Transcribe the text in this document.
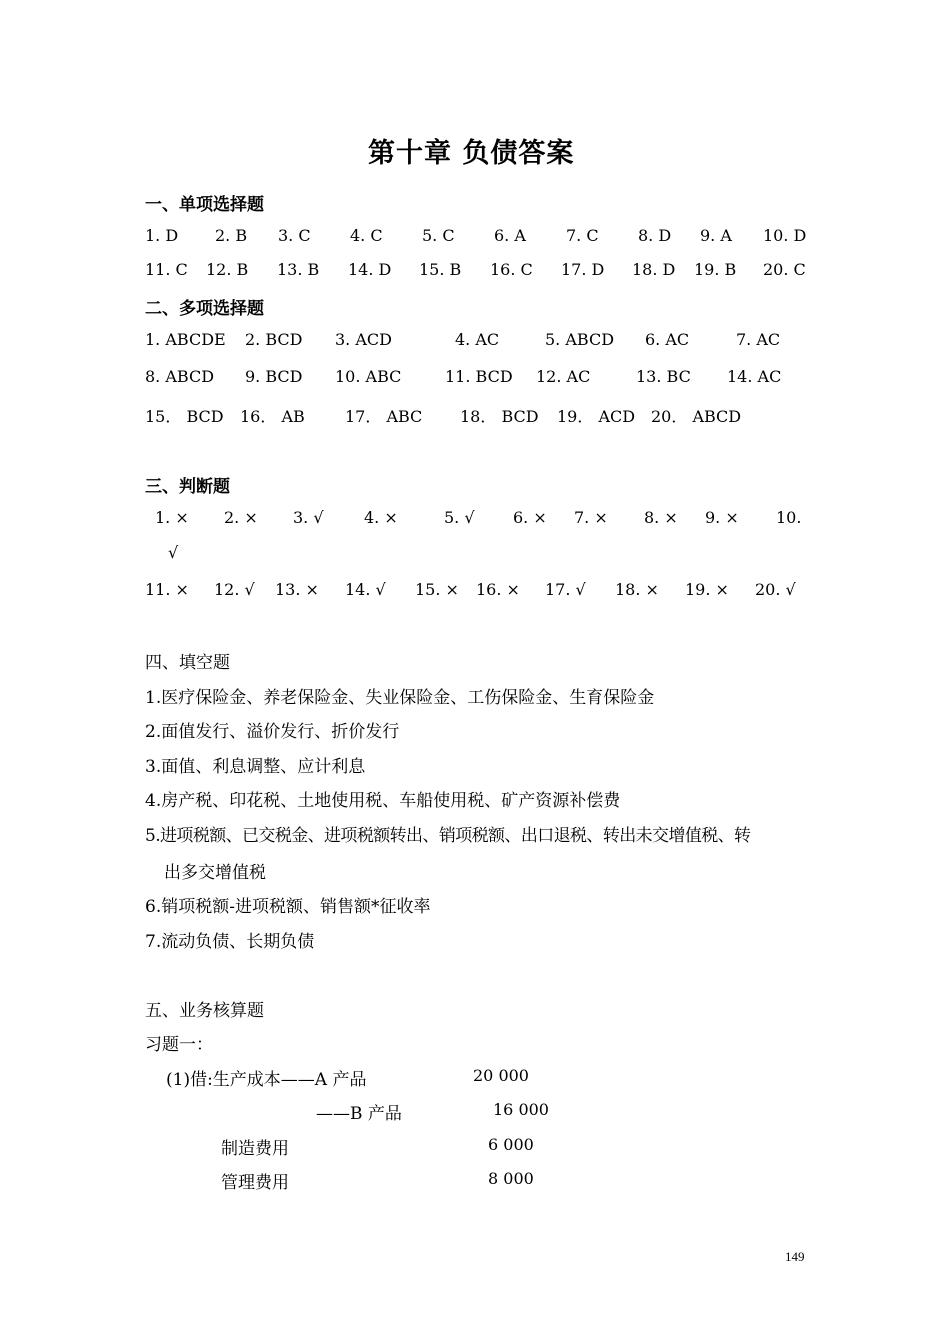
第十章 负债答案
一、单项选择题
1. D 2. B 3. C 4. C 5. C 6. A	7. C 8. D 9. A 10. D
11. C 12. B 13. B 14. D 15. B 16. C 17. D 18. D 19. B 20. C
二、多项选择题
1. ABCDE 2. BCD 3. ACD	4. AC	5. ABCD 6. AC	7. AC
8. ABCD 9. BCD 10. ABC	11. BCD 12. AC	13. BC 14. AC
15． BCD 16． AB	17． ABC 18． BCD 19． ACD 20． ABCD
三、判断题
1. × 2. × 3. √	4. ×	5. √ 6. × 7. × 8. × 9. × 10.
√
11. × 12. √ 13. × 14. √ 15. × 16. × 17. √ 18. × 19. × 20. √
四、填空题
1.医疗保险金、养老保险金、失业保险金、工伤保险金、生育保险金
2.面值发行、溢价发行、折价发行
3.面值、利息调整、应计利息
4.房产税、印花税、土地使用税、车船使用税、矿产资源补偿费
5.进项税额、已交税金、进项税额转出、销项税额、出口退税、转出未交增值税、转
出多交增值税
6.销项税额-进项税额、销售额*征收率
7.流动负债、长期负债
五、业务核算题
习题一：
(1)借:生产成本——A 产品	20 000
——B 产品	16 000
制造费用	6 000
管理费用	8 000
149
